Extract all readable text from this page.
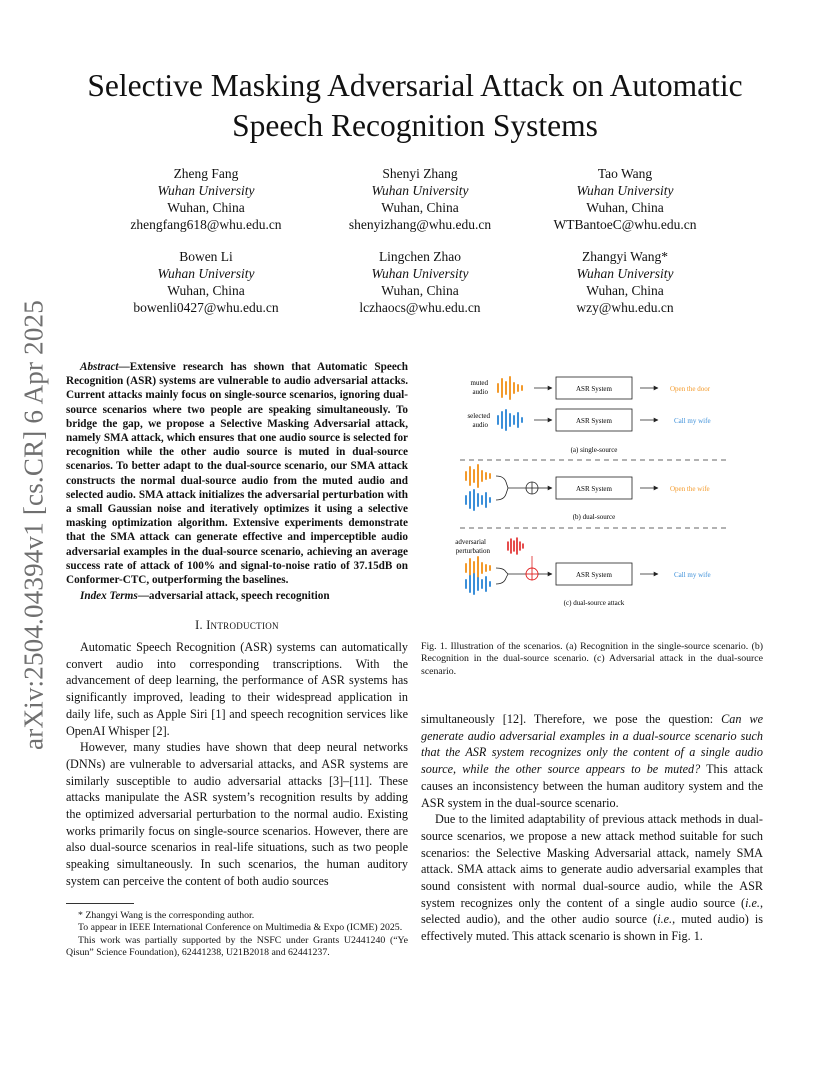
arXiv:2504.04394v1 [cs.CR] 6 Apr 2025
Selective Masking Adversarial Attack on Automatic Speech Recognition Systems
Zheng Fang
Wuhan University
Wuhan, China
zhengfang618@whu.edu.cn
Shenyi Zhang
Wuhan University
Wuhan, China
shenyizhang@whu.edu.cn
Tao Wang
Wuhan University
Wuhan, China
WTBantoeC@whu.edu.cn
Bowen Li
Wuhan University
Wuhan, China
bowenli0427@whu.edu.cn
Lingchen Zhao
Wuhan University
Wuhan, China
lczhaocs@whu.edu.cn
Zhangyi Wang*
Wuhan University
Wuhan, China
wzy@whu.edu.cn
Abstract—Extensive research has shown that Automatic Speech Recognition (ASR) systems are vulnerable to audio adversarial attacks. Current attacks mainly focus on single-source scenarios, ignoring dual-source scenarios where two people are speaking simultaneously. To bridge the gap, we propose a Selective Masking Adversarial attack, namely SMA attack, which ensures that one audio source is selected for recognition while the other audio source is muted in dual-source scenarios. To better adapt to the dual-source scenario, our SMA attack constructs the normal dual-source audio from the muted audio and selected audio. SMA attack initializes the adversarial perturbation with a small Gaussian noise and iteratively optimizes it using a selective masking optimization algorithm. Extensive experiments demonstrate that the SMA attack can generate effective and imperceptible audio adversarial examples in the dual-source scenario, achieving an average success rate of attack of 100% and signal-to-noise ratio of 37.15dB on Conformer-CTC, outperforming the baselines.
Index Terms—adversarial attack, speech recognition
I. Introduction

Automatic Speech Recognition (ASR) systems can automatically convert audio into corresponding transcriptions. With the advancement of deep learning, the performance of ASR systems has significantly improved, leading to their widespread application in daily life, such as Apple Siri [1] and speech recognition services like OpenAI Whisper [2].

However, many studies have shown that deep neural networks (DNNs) are vulnerable to adversarial attacks, and ASR systems are similarly susceptible to audio adversarial attacks [3]–[11]. These attacks manipulate the ASR system’s recognition results by adding the optimized adversarial perturbation to the normal audio. Existing works primarily focus on single-source scenarios. However, there are also dual-source scenarios in real-life situations, such as two people speaking simultaneously. In such scenarios, the human auditory system can perceive the content of both audio sources

* Zhangyi Wang is the corresponding author.

To appear in IEEE International Conference on Multimedia & Expo (ICME) 2025.

This work was partially supported by the NSFC under Grants U2441240 (“Ye Qisun” Science Foundation), 62441238, U21B2018 and 62441237.

muted
audio	ASR System	Open the door
selected
audio	ASR System	Call my wife
(a) single-source
ASR System	Open the wife
(b) dual-source
adversarial
perturbation
ASR System	Call my wife
(c) dual-source attack
Fig. 1. Illustration of the scenarios. (a) Recognition in the single-source scenario. (b) Recognition in the dual-source scenario. (c) Adversarial attack in the dual-source scenario.

simultaneously [12]. Therefore, we pose the question: Can we generate audio adversarial examples in a dual-source scenario such that the ASR system recognizes only the content of a single audio source, while the other source appears to be muted? This attack causes an inconsistency between the human auditory system and the ASR system in the dual-source scenario.

Due to the limited adaptability of previous attack methods in dual-source scenarios, we propose a new attack method suitable for such scenarios: the Selective Masking Adversarial attack, namely SMA attack. SMA attack aims to generate audio adversarial examples that sound consistent with normal dual-source audio, while the ASR system recognizes only the content of a single audio source (i.e., selected audio), and the other audio source (i.e., muted audio) is effectively muted. This attack scenario is shown in Fig. 1.
